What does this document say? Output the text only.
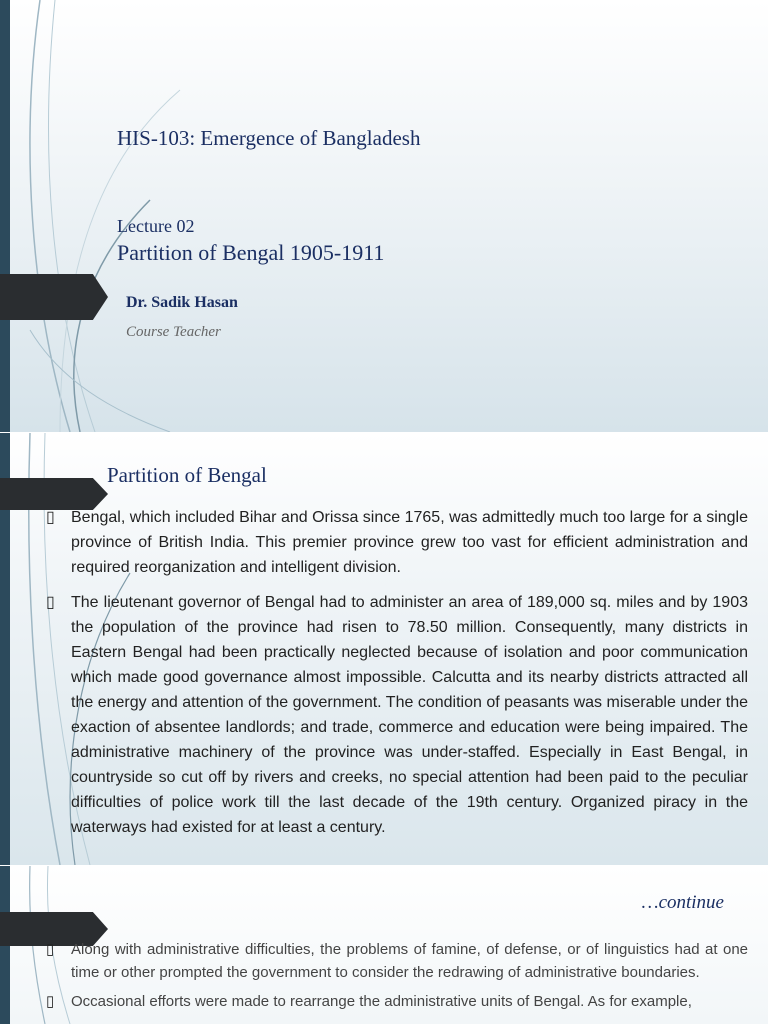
HIS-103: Emergence of Bangladesh
Lecture 02
Partition of Bengal 1905-1911
Dr. Sadik Hasan
Course Teacher
Partition of Bengal
▯ Bengal, which included Bihar and Orissa since 1765, was admittedly much too large for a single province of British India. This premier province grew too vast for efficient administration and required reorganization and intelligent division.
▯ The lieutenant governor of Bengal had to administer an area of 189,000 sq. miles and by 1903 the population of the province had risen to 78.50 million. Consequently, many districts in Eastern Bengal had been practically neglected because of isolation and poor communication which made good governance almost impossible. Calcutta and its nearby districts attracted all the energy and attention of the government. The condition of peasants was miserable under the exaction of absentee landlords; and trade, commerce and education were being impaired. The administrative machinery of the province was under-staffed. Especially in East Bengal, in countryside so cut off by rivers and creeks, no special attention had been paid to the peculiar difficulties of police work till the last decade of the 19th century. Organized piracy in the waterways had existed for at least a century.
…continue
▯ Along with administrative difficulties, the problems of famine, of defense, or of linguistics had at one time or other prompted the government to consider the redrawing of administrative boundaries.
▯ Occasional efforts were made to rearrange the administrative units of Bengal. As for example,
